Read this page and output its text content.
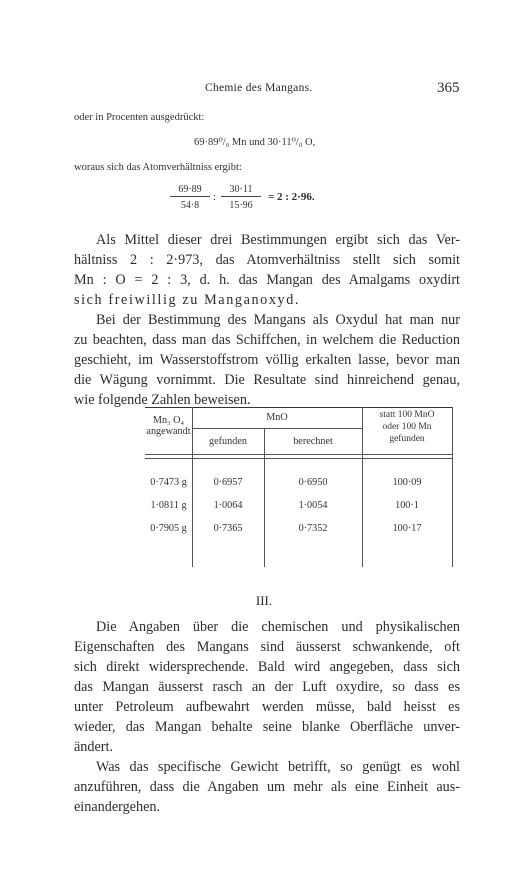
Chemie des Mangans.	365
oder in Procenten ausgedrückt:
69·89⁰/₀ Mn und 30·11⁰/₀ O,
woraus sich das Atomverhältniss ergibt:
$\frac{69\cdot 89}{54\cdot 8}$ : $\frac{30\cdot 11}{15\cdot 96} = 2$ : 2·96.
Als Mittel dieser drei Bestimmungen ergibt sich das Ver-
hältniss 2 : 2·973, das Atomverhältniss stellt sich somit
Mn : O = 2 : 3, d. h. das Mangan des Amalgams oxydirt
sich freiwillig zu Manganoxyd.
Bei der Bestimmung des Mangans als Oxydul hat man nur
zu beachten, dass man das Schiffchen, in welchem die Reduction
geschieht, im Wasserstoffstrom völlig erkalten lasse, bevor man
die Wägung vornimmt. Die Resultate sind hinreichend genau,
wie folgende Zahlen beweisen.
Mn₃ O₄
angewandt
MnO
gefunden	berechnet
statt 100 MnO
oder 100 Mn
gefunden
0·7473 g	0·6957	0·6950	100·09
1·0811 g	1·0064	1·0054	100·1
0·7905 g	0·7365	0·7352	100·17
III.
Die Angaben über die chemischen und physikalischen
Eigenschaften des Mangans sind äusserst schwankende, oft
sich direkt widersprechende. Bald wird angegeben, dass sich
das Mangan äusserst rasch an der Luft oxydire, so dass es
unter Petroleum aufbewahrt werden müsse, bald heisst es
wieder, das Mangan behalte seine blanke Oberfläche unver-
ändert.
Was das specifische Gewicht betrifft, so genügt es wohl
anzuführen, dass die Angaben um mehr als eine Einheit aus-
einandergehen.
